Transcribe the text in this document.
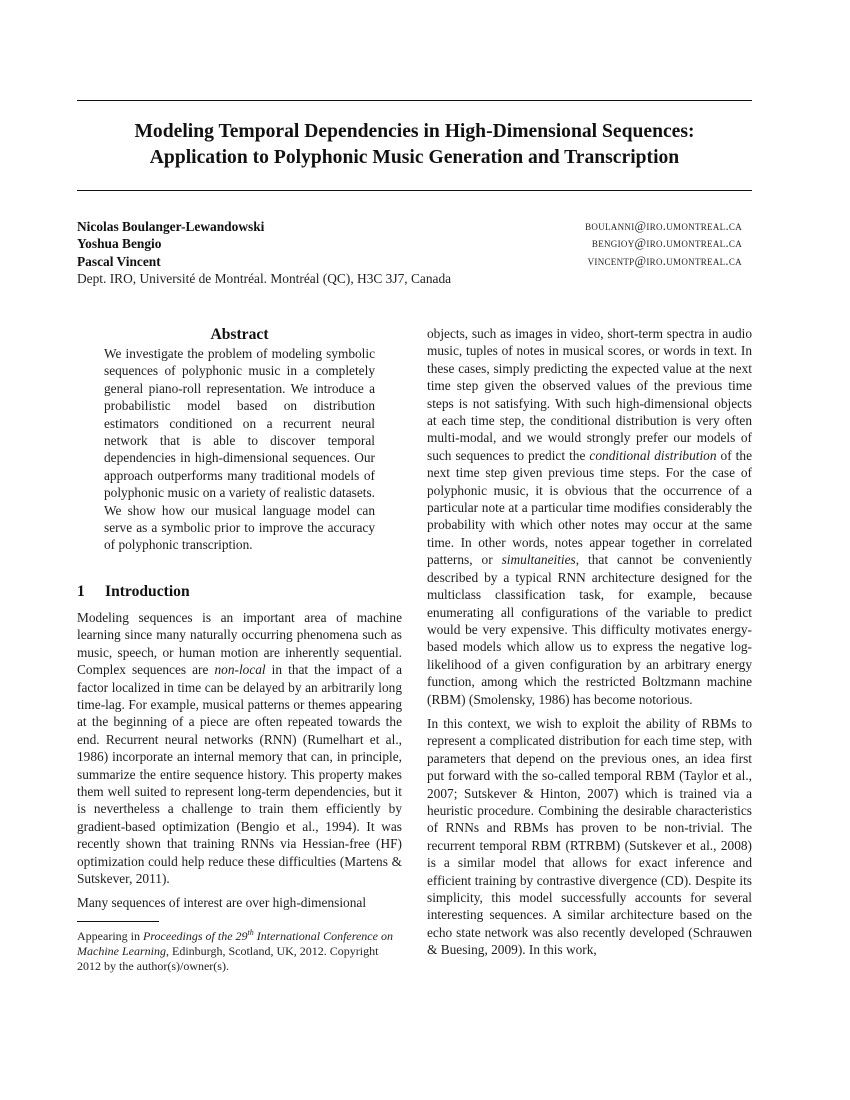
Modeling Temporal Dependencies in High-Dimensional Sequences:
Application to Polyphonic Music Generation and Transcription
Nicolas Boulanger-Lewandowski	boulanni@iro.umontreal.ca
Yoshua Bengio	bengioy@iro.umontreal.ca
Pascal Vincent	vincentp@iro.umontreal.ca
Dept. IRO, Université de Montréal. Montréal (QC), H3C 3J7, Canada
Abstract

We investigate the problem of modeling symbolic sequences of polyphonic music in a completely general piano-roll representation. We introduce a probabilistic model based on distribution estimators conditioned on a recurrent neural network that is able to discover temporal dependencies in high-dimensional sequences. Our approach outperforms many traditional models of polyphonic music on a variety of realistic datasets. We show how our musical language model can serve as a symbolic prior to improve the accuracy of polyphonic transcription.

1 Introduction

Modeling sequences is an important area of machine learning since many naturally occurring phenomena such as music, speech, or human motion are inherently sequential. Complex sequences are non-local in that the impact of a factor localized in time can be delayed by an arbitrarily long time-lag. For example, musical patterns or themes appearing at the beginning of a piece are often repeated towards the end. Recurrent neural networks (RNN) (Rumelhart et al., 1986) incorporate an internal memory that can, in principle, summarize the entire sequence history. This property makes them well suited to represent long-term dependencies, but it is nevertheless a challenge to train them efficiently by gradient-based optimization (Bengio et al., 1994). It was recently shown that training RNNs via Hessian-free (HF) optimization could help reduce these difficulties (Martens & Sutskever, 2011).

Many sequences of interest are over high-dimensional

Appearing in Proceedings of the 29th International Conference on Machine Learning, Edinburgh, Scotland, UK, 2012. Copyright 2012 by the author(s)/owner(s).

objects, such as images in video, short-term spectra in audio music, tuples of notes in musical scores, or words in text. In these cases, simply predicting the expected value at the next time step given the observed values of the previous time steps is not satisfying. With such high-dimensional objects at each time step, the conditional distribution is very often multi-modal, and we would strongly prefer our models of such sequences to predict the conditional distribution of the next time step given previous time steps. For the case of polyphonic music, it is obvious that the occurrence of a particular note at a particular time modifies considerably the probability with which other notes may occur at the same time. In other words, notes appear together in correlated patterns, or simultaneities, that cannot be conveniently described by a typical RNN architecture designed for the multiclass classification task, for example, because enumerating all configurations of the variable to predict would be very expensive. This difficulty motivates energy-based models which allow us to express the negative log-likelihood of a given configuration by an arbitrary energy function, among which the restricted Boltzmann machine (RBM) (Smolensky, 1986) has become notorious.

In this context, we wish to exploit the ability of RBMs to represent a complicated distribution for each time step, with parameters that depend on the previous ones, an idea first put forward with the so-called temporal RBM (Taylor et al., 2007; Sutskever & Hinton, 2007) which is trained via a heuristic procedure. Combining the desirable characteristics of RNNs and RBMs has proven to be non-trivial. The recurrent temporal RBM (RTRBM) (Sutskever et al., 2008) is a similar model that allows for exact inference and efficient training by contrastive divergence (CD). Despite its simplicity, this model successfully accounts for several interesting sequences. A similar architecture based on the echo state network was also recently developed (Schrauwen & Buesing, 2009). In this work,
